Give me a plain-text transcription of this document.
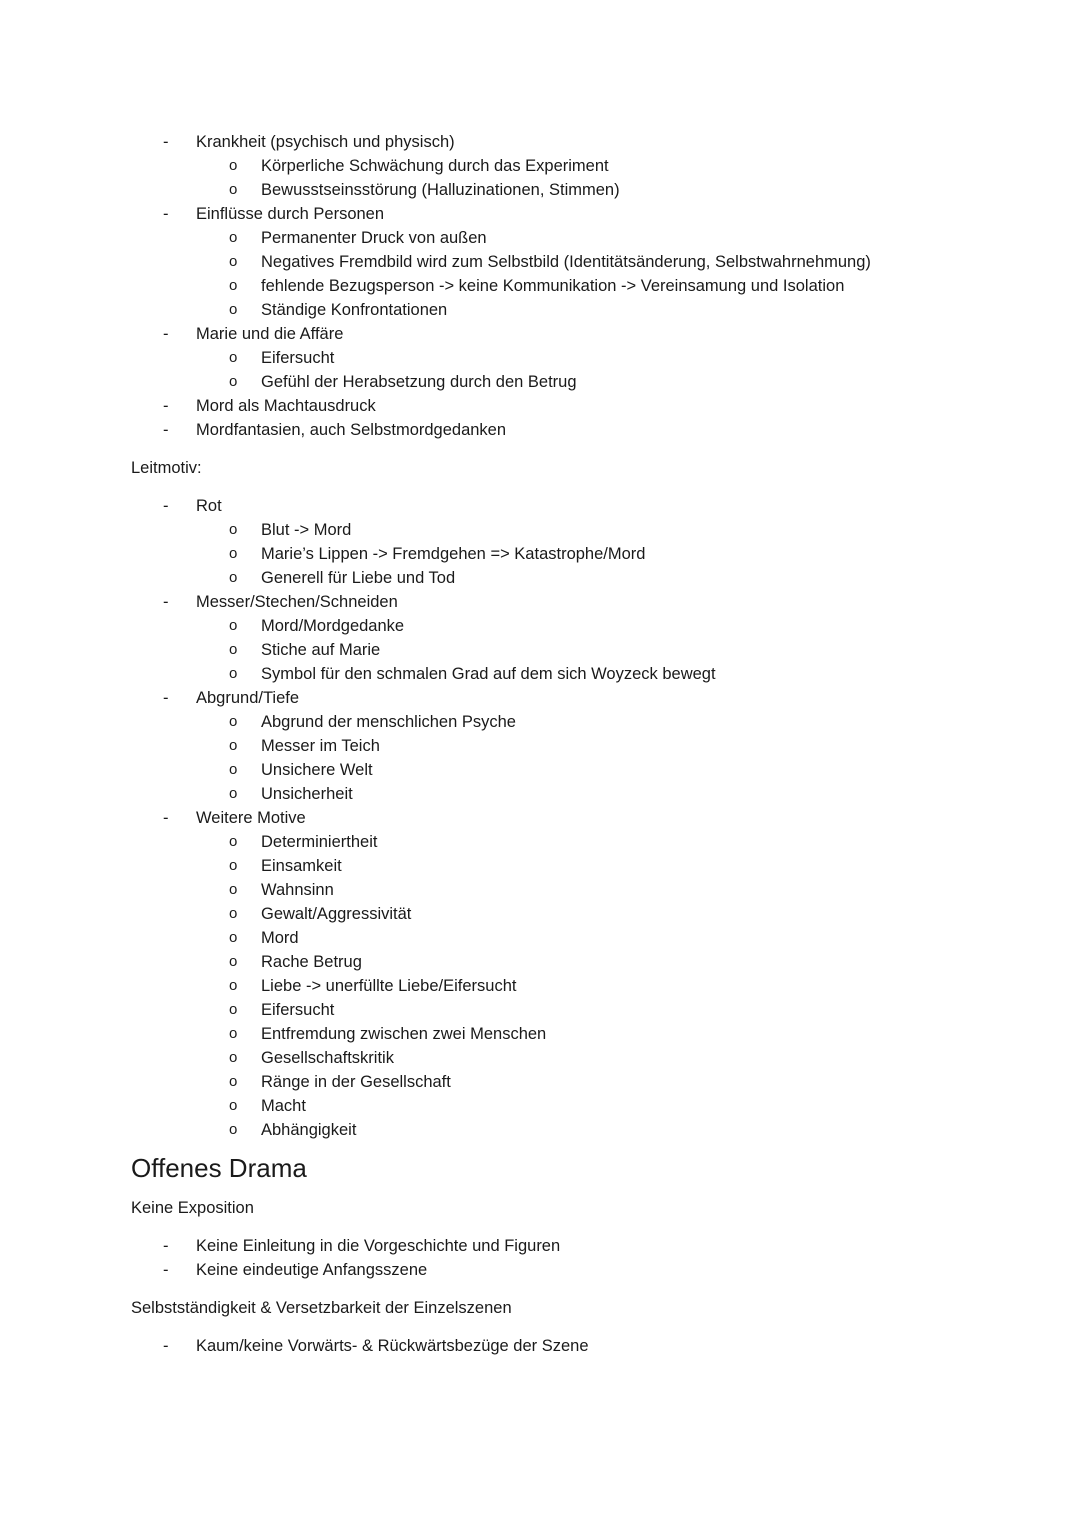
- Krankheit (psychisch und physisch)
o Körperliche Schwächung durch das Experiment
o Bewusstseinsstörung (Halluzinationen, Stimmen)
- Einflüsse durch Personen
o Permanenter Druck von außen
o Negatives Fremdbild wird zum Selbstbild (Identitätsänderung, Selbstwahrnehmung)
o fehlende Bezugsperson -> keine Kommunikation -> Vereinsamung und Isolation
o Ständige Konfrontationen
- Marie und die Affäre
o Eifersucht
o Gefühl der Herabsetzung durch den Betrug
- Mord als Machtausdruck
- Mordfantasien, auch Selbstmordgedanken
Leitmotiv:
- Rot
o Blut -> Mord
o Marie’s Lippen -> Fremdgehen => Katastrophe/Mord
o Generell für Liebe und Tod
- Messer/Stechen/Schneiden
o Mord/Mordgedanke
o Stiche auf Marie
o Symbol für den schmalen Grad auf dem sich Woyzeck bewegt
- Abgrund/Tiefe
o Abgrund der menschlichen Psyche
o Messer im Teich
o Unsichere Welt
o Unsicherheit
- Weitere Motive
o Determiniertheit
o Einsamkeit
o Wahnsinn
o Gewalt/Aggressivität
o Mord
o Rache Betrug
o Liebe -> unerfüllte Liebe/Eifersucht
o Eifersucht
o Entfremdung zwischen zwei Menschen
o Gesellschaftskritik
o Ränge in der Gesellschaft
o Macht
o Abhängigkeit
Offenes Drama
Keine Exposition
- Keine Einleitung in die Vorgeschichte und Figuren
- Keine eindeutige Anfangsszene
Selbstständigkeit & Versetzbarkeit der Einzelszenen
- Kaum/keine Vorwärts- & Rückwärtsbezüge der Szene
